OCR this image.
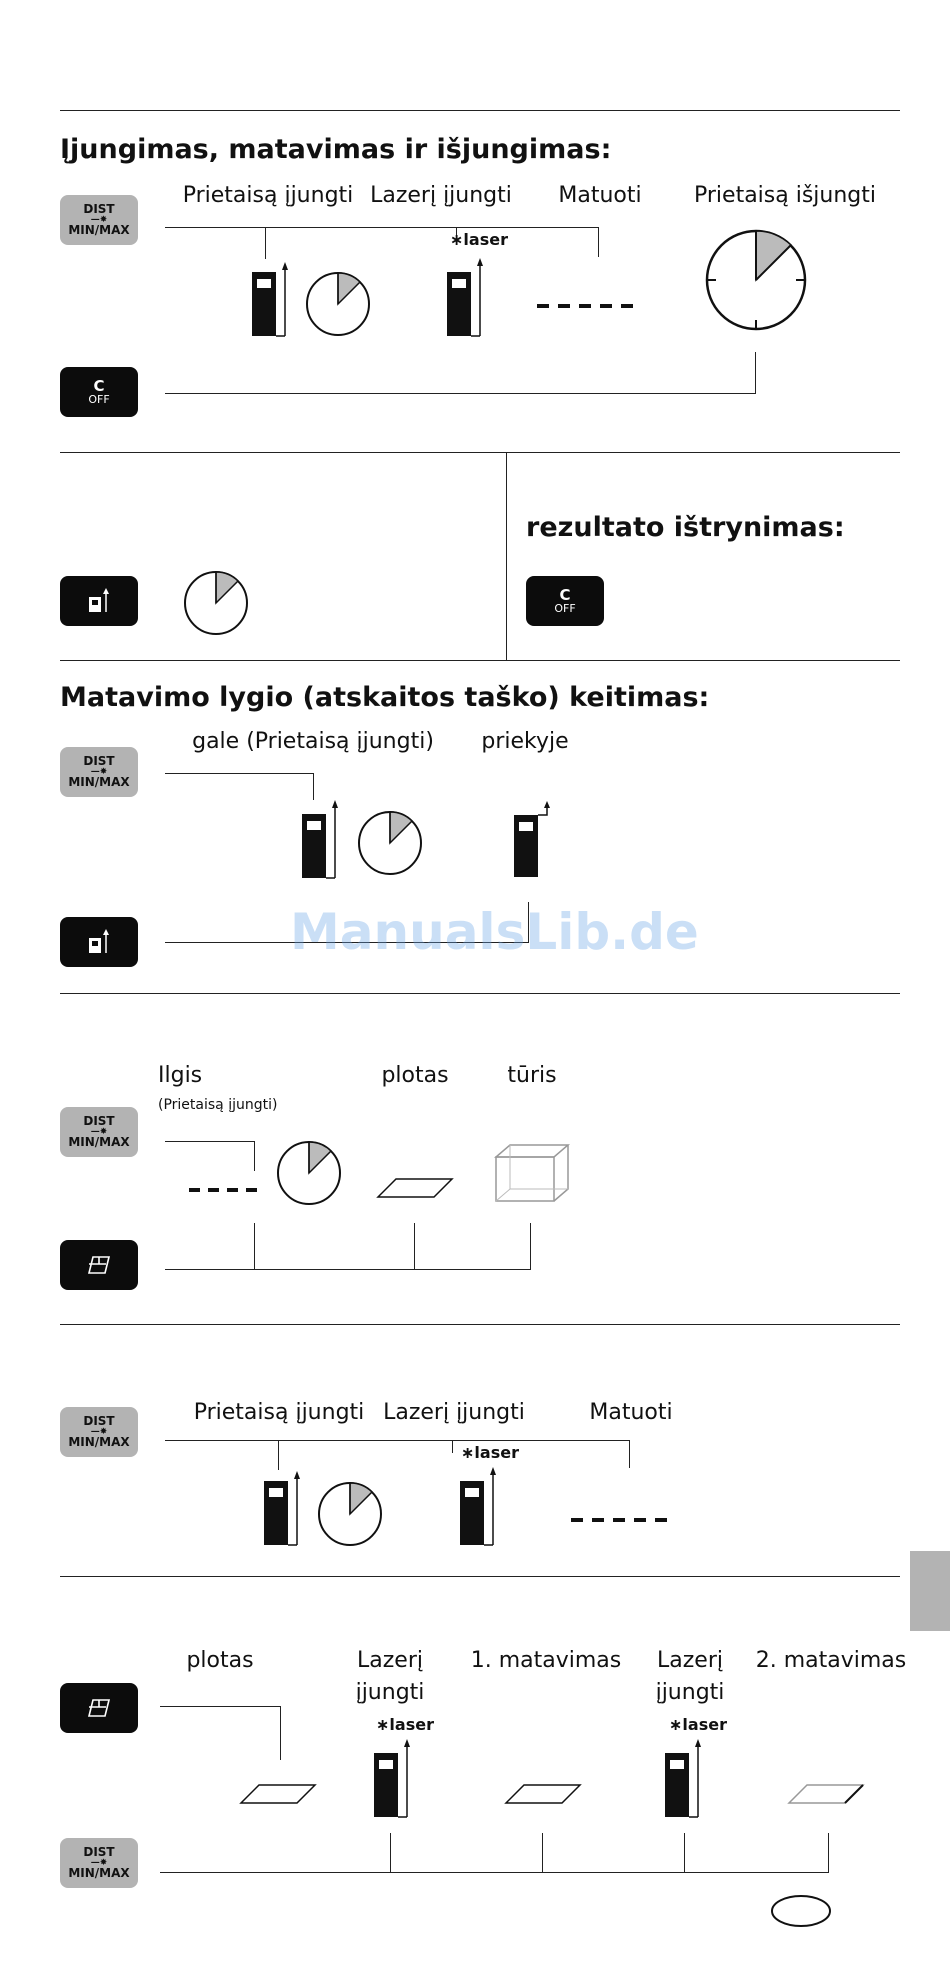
Įjungimas, matavimas ir išjungimas:
DIST
—✸
MIN/MAX
Prietaisą įjungti Lazerį įjungti Matuoti Prietaisą išjungti
∗laser
C
OFF
rezultato ištrynimas:
C
OFF
Matavimo lygio (atskaitos taško) keitimas:
DIST
—✸
MIN/MAX
gale (Prietaisą įjungti) priekyje
ManualsLib.de
Ilgis
(Prietaisą įjungti)
plotas	tūris
DIST
—✸
MIN/MAX
Prietaisą įjungti Lazerį įjungti	Matuoti
DIST
—✸
MIN/MAX
∗laser
plotas	Lazerį
įjungti
1. matavimas Lazerį
įjungti
2. matavimas
∗laser	∗laser
DIST
—✸
MIN/MAX
